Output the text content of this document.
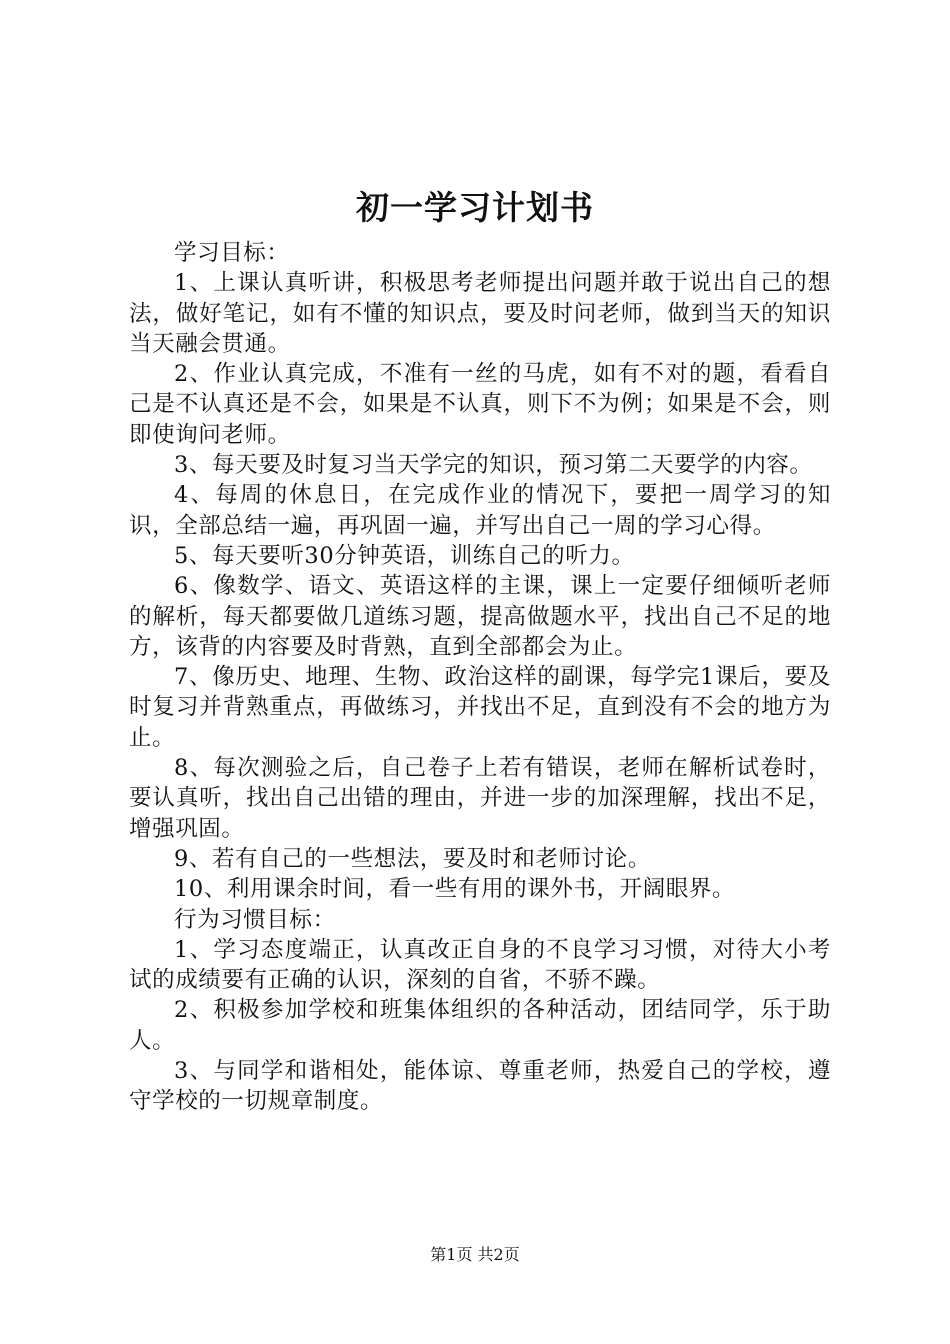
初一学习计划书

学习目标：

1、上课认真听讲，积极思考老师提出问题并敢于说出自己的想法，做好笔记，如有不懂的知识点，要及时问老师，做到当天的知识当天融会贯通。

2、作业认真完成，不准有一丝的马虎，如有不对的题，看看自己是不认真还是不会，如果是不认真，则下不为例；如果是不会，则即使询问老师。

3、每天要及时复习当天学完的知识，预习第二天要学的内容。

4、每周的休息日，在完成作业的情况下，要把一周学习的知识，全部总结一遍，再巩固一遍，并写出自己一周的学习心得。

5、每天要听30分钟英语，训练自己的听力。

6、像数学、语文、英语这样的主课，课上一定要仔细倾听老师的解析，每天都要做几道练习题，提高做题水平，找出自己不足的地方，该背的内容要及时背熟，直到全部都会为止。

7、像历史、地理、生物、政治这样的副课，每学完1课后，要及时复习并背熟重点，再做练习，并找出不足，直到没有不会的地方为止。

8、每次测验之后，自己卷子上若有错误，老师在解析试卷时，要认真听，找出自己出错的理由，并进一步的加深理解，找出不足，增强巩固。

9、若有自己的一些想法，要及时和老师讨论。

10、利用课余时间，看一些有用的课外书，开阔眼界。

行为习惯目标：

1、学习态度端正，认真改正自身的不良学习习惯，对待大小考试的成绩要有正确的认识，深刻的自省，不骄不躁。

2、积极参加学校和班集体组织的各种活动，团结同学，乐于助人。

3、与同学和谐相处，能体谅、尊重老师，热爱自己的学校，遵守学校的一切规章制度。

第1页 共2页
